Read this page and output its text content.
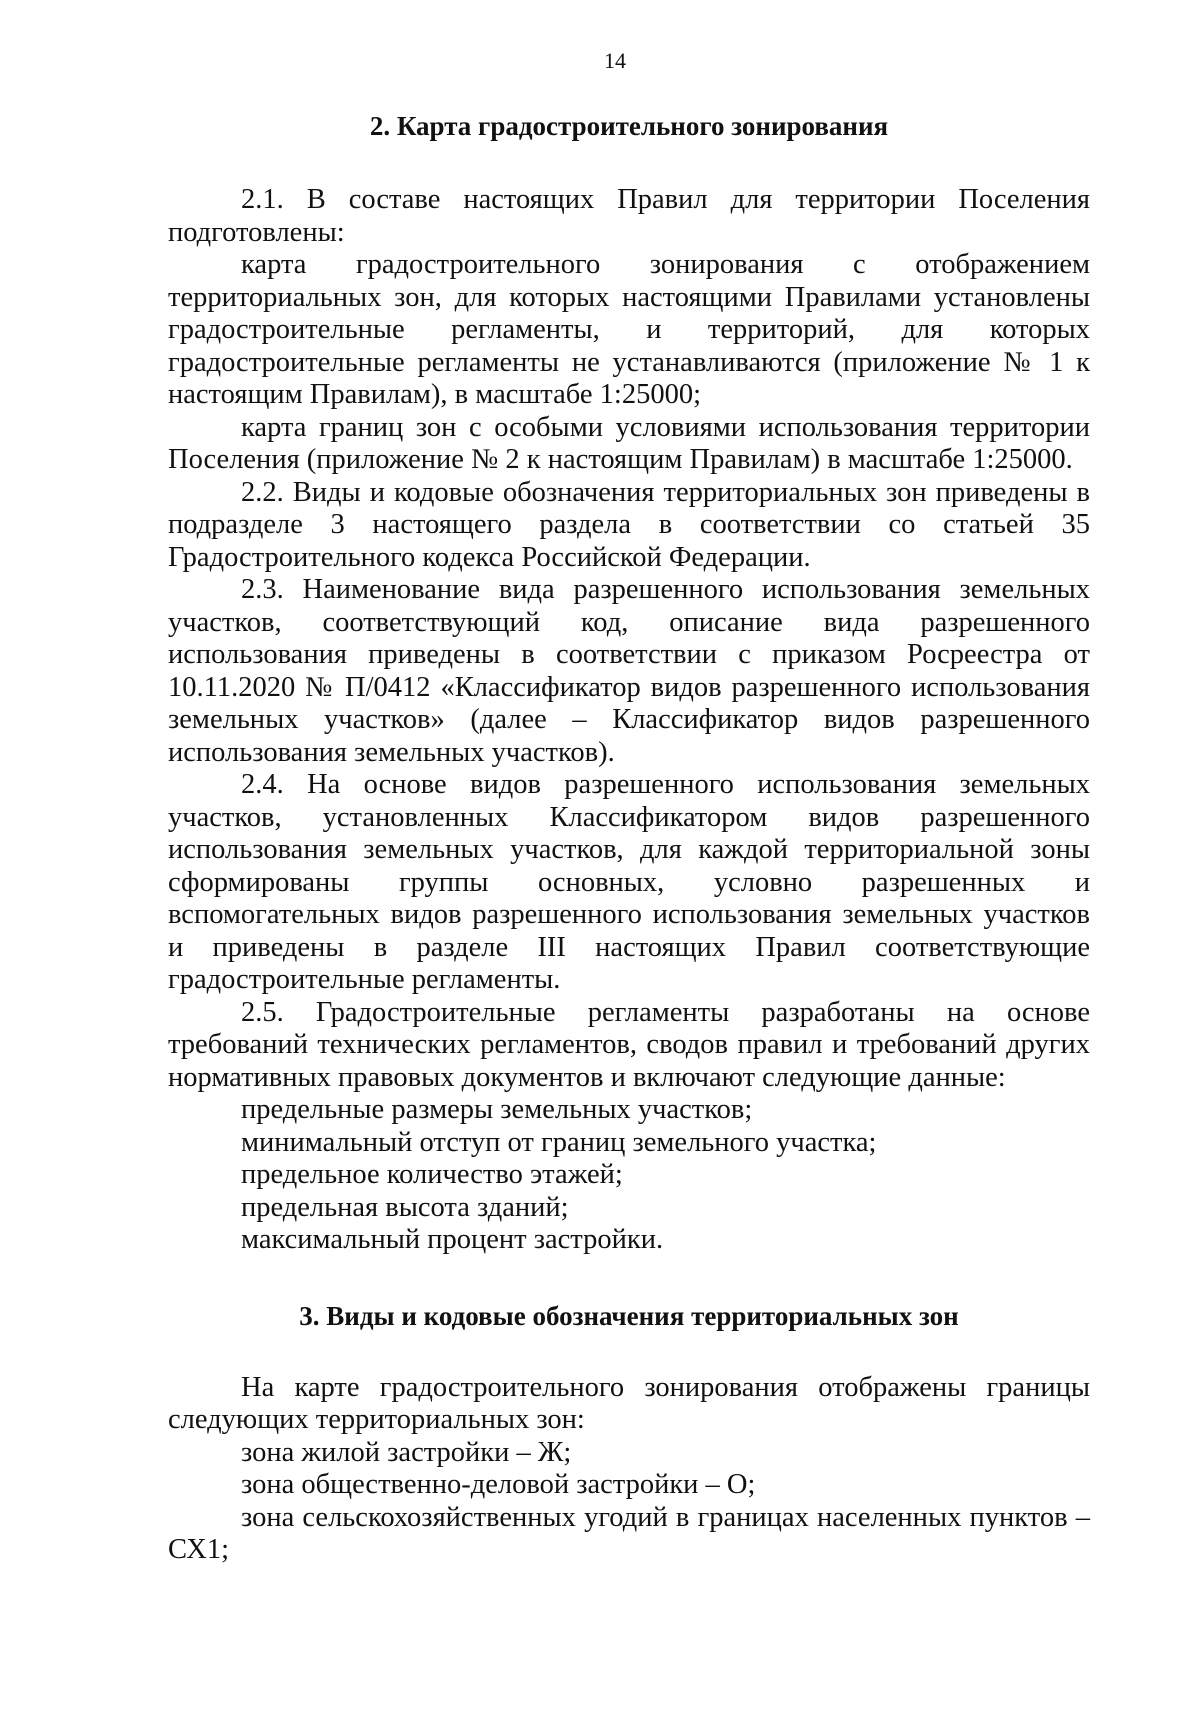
14
2. Карта градостроительного зонирования

2.1. В составе настоящих Правил для территории Поселения подготовлены:

карта градостроительного зонирования с отображением территориальных зон, для которых настоящими Правилами установлены градостроительные регламенты, и территорий, для которых градостроительные регламенты не устанавливаются (приложение № 1 к настоящим Правилам), в масштабе 1:25000;

карта границ зон с особыми условиями использования территории Поселения (приложение № 2 к настоящим Правилам) в масштабе 1:25000.

2.2. Виды и кодовые обозначения территориальных зон приведены в подразделе 3 настоящего раздела в соответствии со статьей 35 Градостроительного кодекса Российской Федерации.

2.3. Наименование вида разрешенного использования земельных участков, соответствующий код, описание вида разрешенного использования приведены в соответствии с приказом Росреестра от 10.11.2020 № П/0412 «Классификатор видов разрешенного использования земельных участков» (далее – Классификатор видов разрешенного использования земельных участков).

2.4. На основе видов разрешенного использования земельных участков, установленных Классификатором видов разрешенного использования земельных участков, для каждой территориальной зоны сформированы группы основных, условно разрешенных и вспомогательных видов разрешенного использования земельных участков и приведены в разделе III настоящих Правил соответствующие градостроительные регламенты.

2.5. Градостроительные регламенты разработаны на основе требований технических регламентов, сводов правил и требований других нормативных правовых документов и включают следующие данные:

предельные размеры земельных участков;

минимальный отступ от границ земельного участка;

предельное количество этажей;

предельная высота зданий;

максимальный процент застройки.

3. Виды и кодовые обозначения территориальных зон

На карте градостроительного зонирования отображены границы следующих территориальных зон:

зона жилой застройки – Ж;

зона общественно-деловой застройки – О;

зона сельскохозяйственных угодий в границах населенных пунктов – СХ1;
